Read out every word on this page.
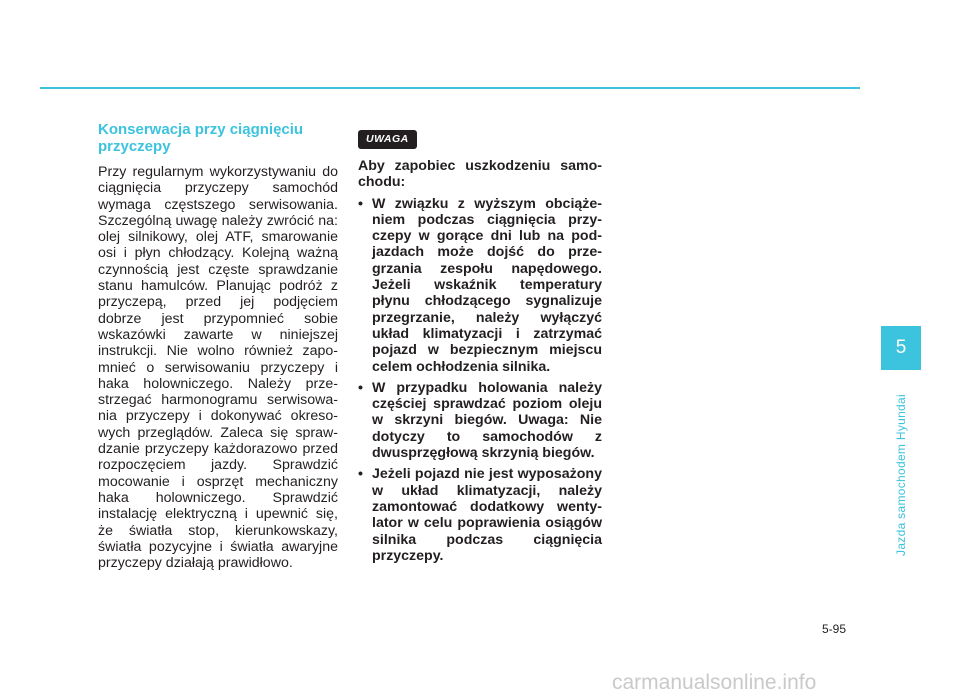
Konserwacja przy ciągnięciu przyczepy

Przy regularnym wykorzystywaniu do ciągnięcia przyczepy samochód wymaga częstszego serwisowania. Szczególną uwagę należy zwrócić na: olej silnikowy, olej ATF, smarowanie osi i płyn chłodzący. Kolejną ważną czynnością jest częste sprawdzanie stanu hamulców. Planując podróż z przyczepą, przed jej podjęciem dobrze jest przypomnieć sobie wskazówki zawarte w niniejszej instrukcji. Nie wolno również zapomnieć o serwisowaniu przyczepy i haka holowniczego. Należy przestrzegać harmonogramu serwisowania przyczepy i dokonywać okresowych przeglądów. Zaleca się sprawdzanie przyczepy każdorazowo przed rozpoczęciem jazdy. Sprawdzić mocowanie i osprzęt mechaniczny haka holowniczego. Sprawdzić instalację elektryczną i upewnić się, że światła stop, kierunkowskazy, światła pozycyjne i światła awaryjne przyczepy działają prawidłowo.

UWAGA

Aby zapobiec uszkodzeniu samochodu:

• W związku z wyższym obciążeniem podczas ciągnięcia przyczepy w gorące dni lub na podjazdach może dojść do przegrzania zespołu napędowego. Jeżeli wskaźnik temperatury płynu chłodzącego sygnalizuje przegrzanie, należy wyłączyć układ klimatyzacji i zatrzymać pojazd w bezpiecznym miejscu celem ochłodzenia silnika.
• W przypadku holowania należy częściej sprawdzać poziom oleju w skrzyni biegów. Uwaga: Nie dotyczy to samochodów z dwusprzęgłową skrzynią biegów.
• Jeżeli pojazd nie jest wyposażony w układ klimatyzacji, należy zamontować dodatkowy wentylator w celu poprawienia osiągów silnika podczas ciągnięcia przyczepy.
5
Jazda samochodem Hyundai
5-95
carmanualsonline.info
